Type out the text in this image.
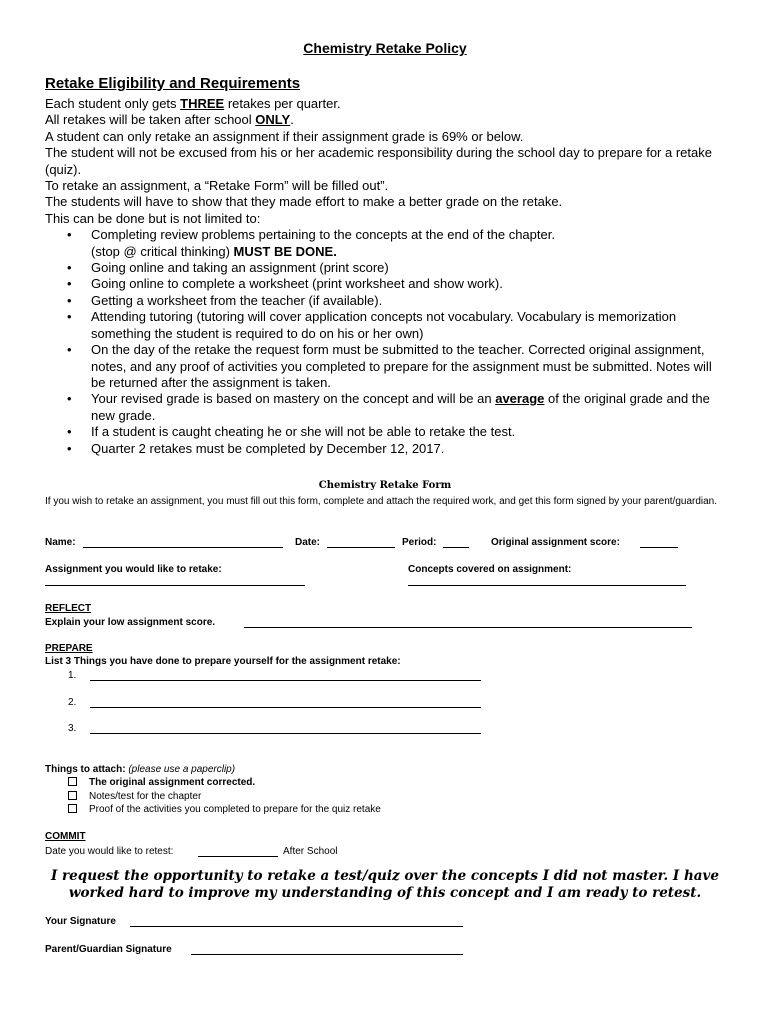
Chemistry Retake Policy
Retake Eligibility and Requirements

Each student only gets THREE retakes per quarter.

All retakes will be taken after school ONLY.

A student can only retake an assignment if their assignment grade is 69% or below.

The student will not be excused from his or her academic responsibility during the school day to prepare for a retake (quiz).

To retake an assignment, a “Retake Form” will be filled out”.

The students will have to show that they made effort to make a better grade on the retake.

This can be done but is not limited to:

• Completing review problems pertaining to the concepts at the end of the chapter.
(stop @ critical thinking) MUST BE DONE.
• Going online and taking an assignment (print score)
• Going online to complete a worksheet (print worksheet and show work).
• Getting a worksheet from the teacher (if available).
• Attending tutoring (tutoring will cover application concepts not vocabulary. Vocabulary is memorization something the student is required to do on his or her own)
• On the day of the retake the request form must be submitted to the teacher. Corrected original assignment, notes, and any proof of activities you completed to prepare for the assignment must be submitted. Notes will be returned after the assignment is taken.
• Your revised grade is based on mastery on the concept and will be an average of the original grade and the new grade.
• If a student is caught cheating he or she will not be able to retake the test.
• Quarter 2 retakes must be completed by December 12, 2017.
Chemistry Retake Form
If you wish to retake an assignment, you must fill out this form, complete and attach the required work, and get this form signed by your parent/guardian.
Name:	Date:	Period:	Original assignment score:
Assignment you would like to retake:	Concepts covered on assignment:
REFLECT
Explain your low assignment score.
PREPARE
List 3 Things you have done to prepare yourself for the assignment retake:
1.
2.
3.
Things to attach: (please use a paperclip)
The original assignment corrected.
Notes/test for the chapter
Proof of the activities you completed to prepare for the quiz retake
COMMIT
Date you would like to retest:	After School
I request the opportunity to retake a test/quiz over the concepts I did not master. I have worked hard to improve my understanding of this concept and I am ready to retest.
Your Signature
Parent/Guardian Signature
